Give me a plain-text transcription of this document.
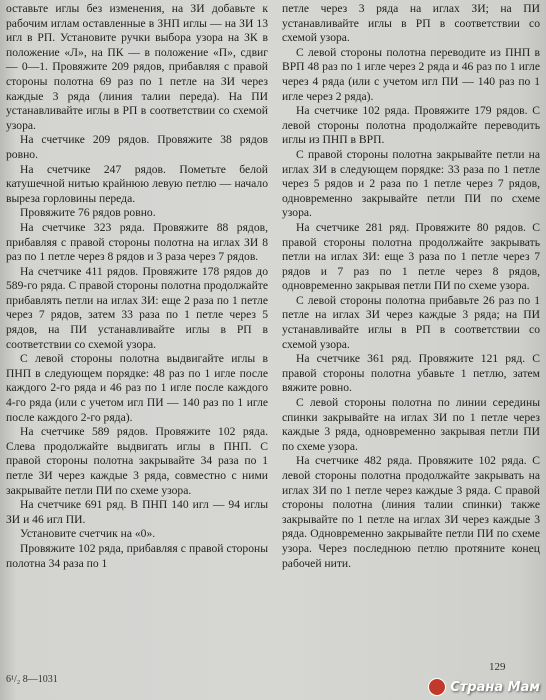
оставьте иглы без изменения, на ЗИ добавьте к рабочим иглам оставленные в ЗНП иглы — на ЗИ 13 игл в РП. Установите ручки выбора узора на ЗК в положение «Л», на ПК — в положение «П», сдвиг — 0—1. Провяжите 209 рядов, прибавляя с правой стороны полотна 69 раз по 1 петле на ЗИ через каждые 3 ряда (линия талии переда). На ПИ устанавливайте иглы в РП в соответствии со схемой узора.

На счетчике 209 рядов. Провяжите 38 рядов ровно.

На счетчике 247 рядов. Пометьте белой катушечной нитью крайнюю левую петлю — начало выреза горловины переда.

Провяжите 76 рядов ровно.

На счетчике 323 ряда. Провяжите 88 рядов, прибавляя с правой стороны полотна на иглах ЗИ 8 раз по 1 петле через 8 рядов и 3 раза через 7 рядов.

На счетчике 411 рядов. Провяжите 178 рядов до 589-го ряда. С правой стороны полотна продолжайте прибавлять петли на иглах ЗИ: еще 2 раза по 1 петле через 7 рядов, затем 33 раза по 1 петле через 5 рядов, на ПИ устанавливайте иглы в РП в соответствии со схемой узора.

С левой стороны полотна выдвигайте иглы в ПНП в следующем порядке: 48 раз по 1 игле после каждого 2-го ряда и 46 раз по 1 игле после каждого 4-го ряда (или с учетом игл ПИ — 140 раз по 1 игле после каждого 2-го ряда).

На счетчике 589 рядов. Провяжите 102 ряда. Слева продолжайте выдвигать иглы в ПНП. С правой стороны полотна закрывайте 34 раза по 1 петле ЗИ через каждые 3 ряда, совместно с ними закрывайте петли ПИ по схеме узора.

На счетчике 691 ряд. В ПНП 140 игл — 94 иглы ЗИ и 46 игл ПИ.

Установите счетчик на «0».

Провяжите 102 ряда, прибавляя с правой стороны полотна 34 раза по 1

петле через 3 ряда на иглах ЗИ; на ПИ устанавливайте иглы в РП в соответствии со схемой узора.

С левой стороны полотна переводите из ПНП в ВРП 48 раз по 1 игле через 2 ряда и 46 раз по 1 игле через 4 ряда (или с учетом игл ПИ — 140 раз по 1 игле через 2 ряда).

На счетчике 102 ряда. Провяжите 179 рядов. С левой стороны полотна продолжайте переводить иглы из ПНП в ВРП.

С правой стороны полотна закрывайте петли на иглах ЗИ в следующем порядке: 33 раза по 1 петле через 5 рядов и 2 раза по 1 петле через 7 рядов, одновременно закрывайте петли ПИ по схеме узора.

На счетчике 281 ряд. Провяжите 80 рядов. С правой стороны полотна продолжайте закрывать петли на иглах ЗИ: еще 3 раза по 1 петле через 7 рядов и 7 раз по 1 петле через 8 рядов, одновременно закрывая петли ПИ по схеме узора.

С левой стороны полотна прибавьте 26 раз по 1 петле на иглах ЗИ через каждые 3 ряда; на ПИ устанавливайте иглы в РП в соответствии со схемой узора.

На счетчике 361 ряд. Провяжите 121 ряд. С правой стороны полотна убавьте 1 петлю, затем вяжите ровно.

С левой стороны полотна по линии середины спинки закрывайте на иглах ЗИ по 1 петле через каждые 3 ряда, одновременно закрывая петли ПИ по схеме узора.

На счетчике 482 ряда. Провяжите 102 ряда. С левой стороны полотна продолжайте закрывать на иглах ЗИ по 1 петле через каждые 3 ряда. С правой стороны полотна (линия талии спинки) также закрывайте по 1 петле на иглах ЗИ через каждые 3 ряда. Одновременно закрывайте петли ПИ по схеме узора. Через последнюю петлю протяните конец рабочей нити.

6¹/₂ 8—1031
129
Страна Мам
